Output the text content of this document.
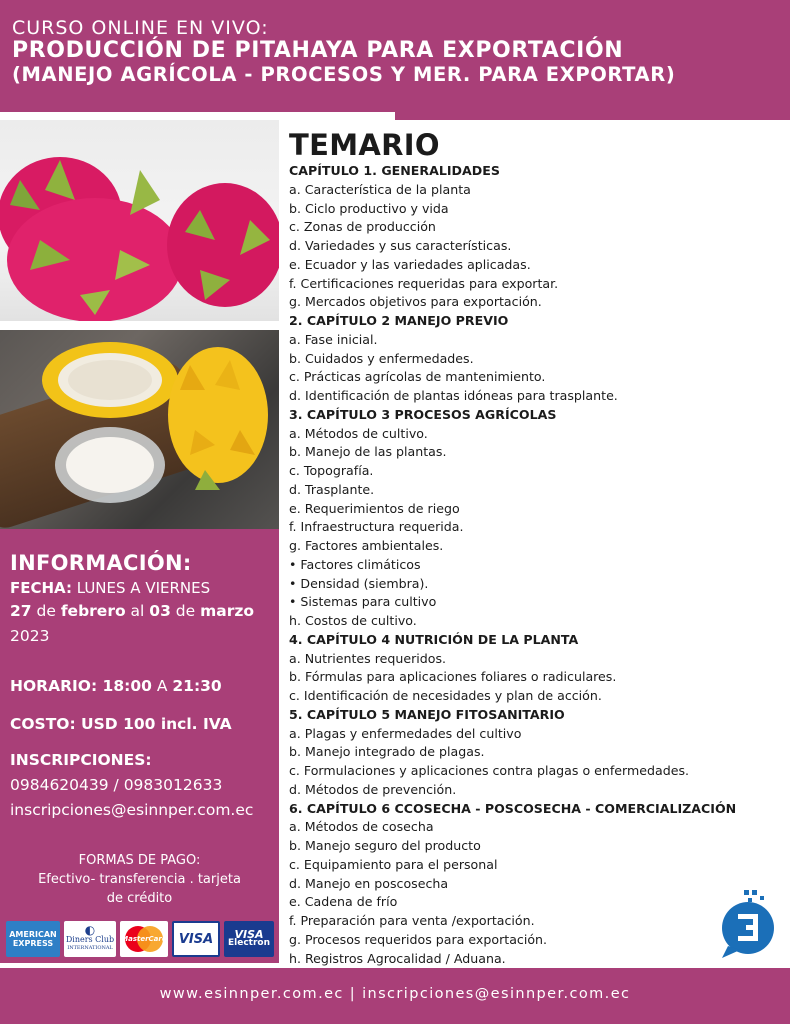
CURSO ONLINE EN VIVO:
PRODUCCIÓN DE PITAHAYA PARA EXPORTACIÓN
(MANEJO AGRÍCOLA - PROCESOS Y MER. PARA EXPORTAR)
INFORMACIÓN:
FECHA: LUNES A VIERNES
27 de febrero al 03 de marzo
2023
HORARIO: 18:00 A 21:30
COSTO: USD 100 incl. IVA
INSCRIPCIONES:
0984620439 / 0983012633
inscripciones@esinnper.com.ec
FORMAS DE PAGO:
Efectivo- transferencia . tarjeta
de crédito
AMERICAN
EXPRESS
◐
Diners Club
INTERNATIONAL
MasterCard VISA	VISA
Electron
TEMARIO
CAPÍTULO 1. GENERALIDADES
a. Característica de la planta
b. Ciclo productivo y vida
c. Zonas de producción
d. Variedades y sus características.
e. Ecuador y las variedades aplicadas.
f. Certificaciones requeridas para exportar.
g. Mercados objetivos para exportación.
2. CAPÍTULO 2 MANEJO PREVIO
a. Fase inicial.
b. Cuidados y enfermedades.
c. Prácticas agrícolas de mantenimiento.
d. Identificación de plantas idóneas para trasplante.
3. CAPÍTULO 3 PROCESOS AGRÍCOLAS
a. Métodos de cultivo.
b. Manejo de las plantas.
c. Topografía.
d. Trasplante.
e. Requerimientos de riego
f. Infraestructura requerida.
g. Factores ambientales.
• Factores climáticos
• Densidad (siembra).
• Sistemas para cultivo
h. Costos de cultivo.
4. CAPÍTULO 4 NUTRICIÓN DE LA PLANTA
a. Nutrientes requeridos.
b. Fórmulas para aplicaciones foliares o radiculares.
c. Identificación de necesidades y plan de acción.
5. CAPÍTULO 5 MANEJO FITOSANITARIO
a. Plagas y enfermedades del cultivo
b. Manejo integrado de plagas.
c. Formulaciones y aplicaciones contra plagas o enfermedades.
d. Métodos de prevención.
6. CAPÍTULO 6 CCOSECHA - POSCOSECHA - COMERCIALIZACIÓN
a. Métodos de cosecha
b. Manejo seguro del producto
c. Equipamiento para el personal
d. Manejo en poscosecha
e. Cadena de frío
f. Preparación para venta /exportación.
g. Procesos requeridos para exportación.
h. Registros Agrocalidad / Aduana.
www.esinnper.com.ec | inscripciones@esinnper.com.ec
